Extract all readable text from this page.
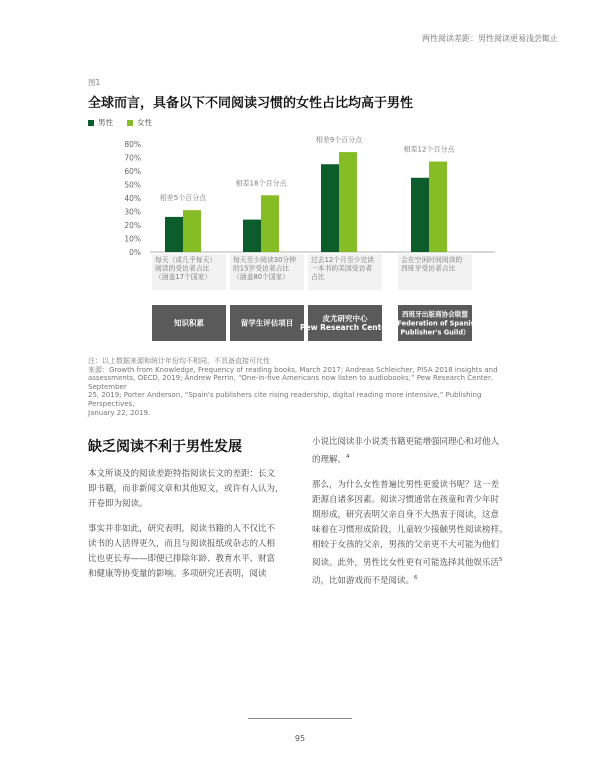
两性阅读差距：男性阅读更易浅尝辄止
图1
全球而言，具备以下不同阅读习惯的女性占比均高于男性
男性	女性
0%
10%
20%
30%
40%
50%
60%
70%
80%
相差5个百分点
每天（或几乎每天）
阅读的受访者占比
（涵盖17个国家）
知识积累
相差18个百分点
每天至少阅读30分钟
的15岁受访者占比
（涵盖80个国家）
留学生评估项目
相差9个百分点
过去12个月至少完读
一本书的美国受访者
占比
皮尤研究中心
Pew Research Center
相差12个百分点
会在空闲时间阅读的
西班牙受访者占比
西班牙出版商协会联盟
（Federation of Spanish
Publisher's Guild）
注：以上数据来源和统计年份均不相同，不具备直接可比性
来源：Growth from Knowledge, Frequency of reading books, March 2017; Andreas Schleicher, PISA 2018 insights and
assessments, OECD, 2019; Andrew Perrin, “One-in-five Americans now listen to audiobooks,” Pew Research Center, September
25, 2019; Porter Anderson, “Spain's publishers cite rising readership, digital reading more intensive,” Publishing Perspectives,
January 22, 2019.
缺乏阅读不利于男性发展

本文所谈及的阅读差距特指阅读长文的差距：长文
即书籍，而非新闻文章和其他短文，或许有人认为，
开卷即为阅读。

事实并非如此，研究表明，阅读书籍的人不仅比不
读书的人活得更久，而且与阅读报纸或杂志的人相
比也更长寿——即便已排除年龄、教育水平、财富
和健康等协变量的影响。多项研究还表明，阅读

小说比阅读非小说类书籍更能增强同理心和对他人
的理解。$^4$

那么，为什么女性普遍比男性更爱读书呢？这一差
距源自诸多因素。阅读习惯通常在孩童和青少年时
期形成，研究表明父亲自身不大热衷于阅读，这意
味着在习惯形成阶段，儿童较少接触男性阅读榜样。
相较于女孩的父亲，男孩的父亲更不大可能为他们
阅读。此外，男性比女性更有可能选择其他娱乐活$^5$
动，比如游戏而不是阅读。$^6$

95
